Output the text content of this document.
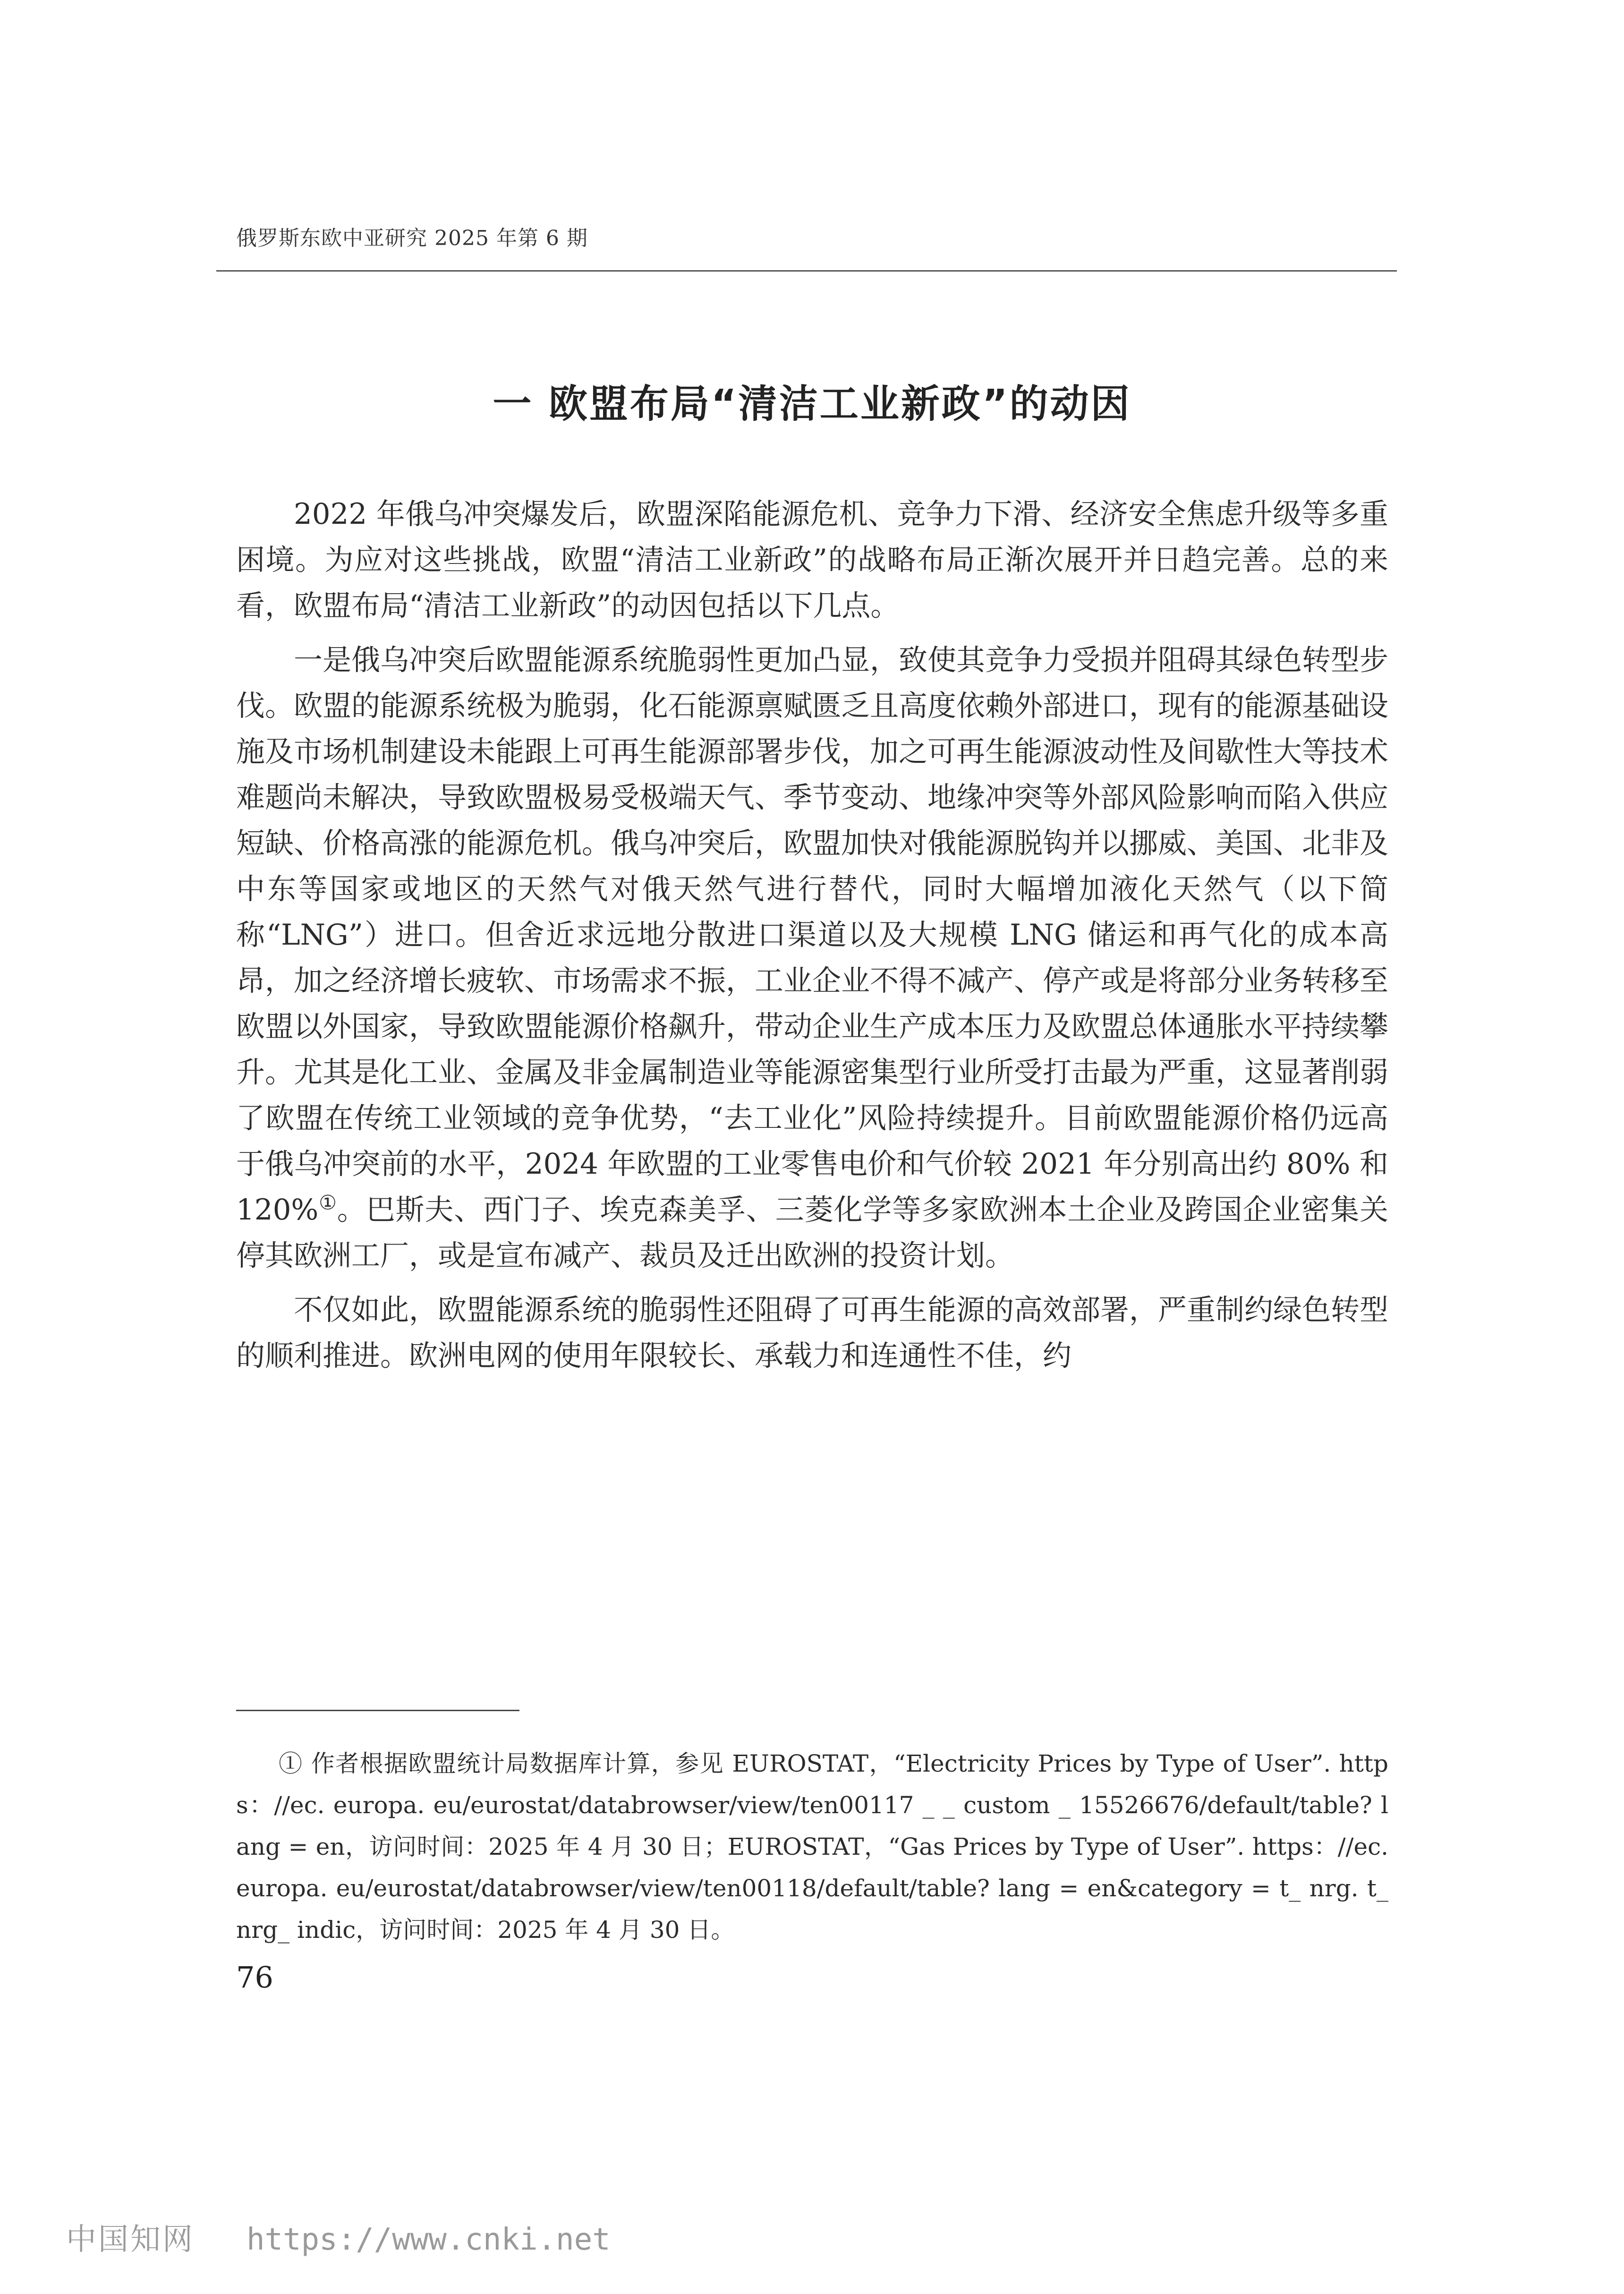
俄罗斯东欧中亚研究 2025 年第 6 期
一 欧盟布局“清洁工业新政”的动因

2022 年俄乌冲突爆发后，欧盟深陷能源危机、竞争力下滑、经济安全焦虑升级等多重困境。为应对这些挑战，欧盟“清洁工业新政”的战略布局正渐次展开并日趋完善。总的来看，欧盟布局“清洁工业新政”的动因包括以下几点。

一是俄乌冲突后欧盟能源系统脆弱性更加凸显，致使其竞争力受损并阻碍其绿色转型步伐。欧盟的能源系统极为脆弱，化石能源禀赋匮乏且高度依赖外部进口，现有的能源基础设施及市场机制建设未能跟上可再生能源部署步伐，加之可再生能源波动性及间歇性大等技术难题尚未解决，导致欧盟极易受极端天气、季节变动、地缘冲突等外部风险影响而陷入供应短缺、价格高涨的能源危机。俄乌冲突后，欧盟加快对俄能源脱钩并以挪威、美国、北非及中东等国家或地区的天然气对俄天然气进行替代，同时大幅增加液化天然气（以下简称“LNG”）进口。但舍近求远地分散进口渠道以及大规模 LNG 储运和再气化的成本高昂，加之经济增长疲软、市场需求不振，工业企业不得不减产、停产或是将部分业务转移至欧盟以外国家，导致欧盟能源价格飙升，带动企业生产成本压力及欧盟总体通胀水平持续攀升。尤其是化工业、金属及非金属制造业等能源密集型行业所受打击最为严重，这显著削弱了欧盟在传统工业领域的竞争优势，“去工业化”风险持续提升。目前欧盟能源价格仍远高于俄乌冲突前的水平，2024 年欧盟的工业零售电价和气价较 2021 年分别高出约 80% 和 120%①。巴斯夫、西门子、埃克森美孚、三菱化学等多家欧洲本土企业及跨国企业密集关停其欧洲工厂，或是宣布减产、裁员及迁出欧洲的投资计划。

不仅如此，欧盟能源系统的脆弱性还阻碍了可再生能源的高效部署，严重制约绿色转型的顺利推进。欧洲电网的使用年限较长、承载力和连通性不佳，约

① 作者根据欧盟统计局数据库计算，参见 EUROSTAT，“Electricity Prices by Type of User”. https：//ec. europa. eu/eurostat/databrowser/view/ten00117 _ _ custom _ 15526676/default/table? lang = en，访问时间：2025 年 4 月 30 日；EUROSTAT，“Gas Prices by Type of User”. https：//ec. europa. eu/eurostat/databrowser/view/ten00118/default/table? lang = en&category = t_ nrg. t_ nrg_ indic，访问时间：2025 年 4 月 30 日。
76
中国知网 https://www.cnki.net
